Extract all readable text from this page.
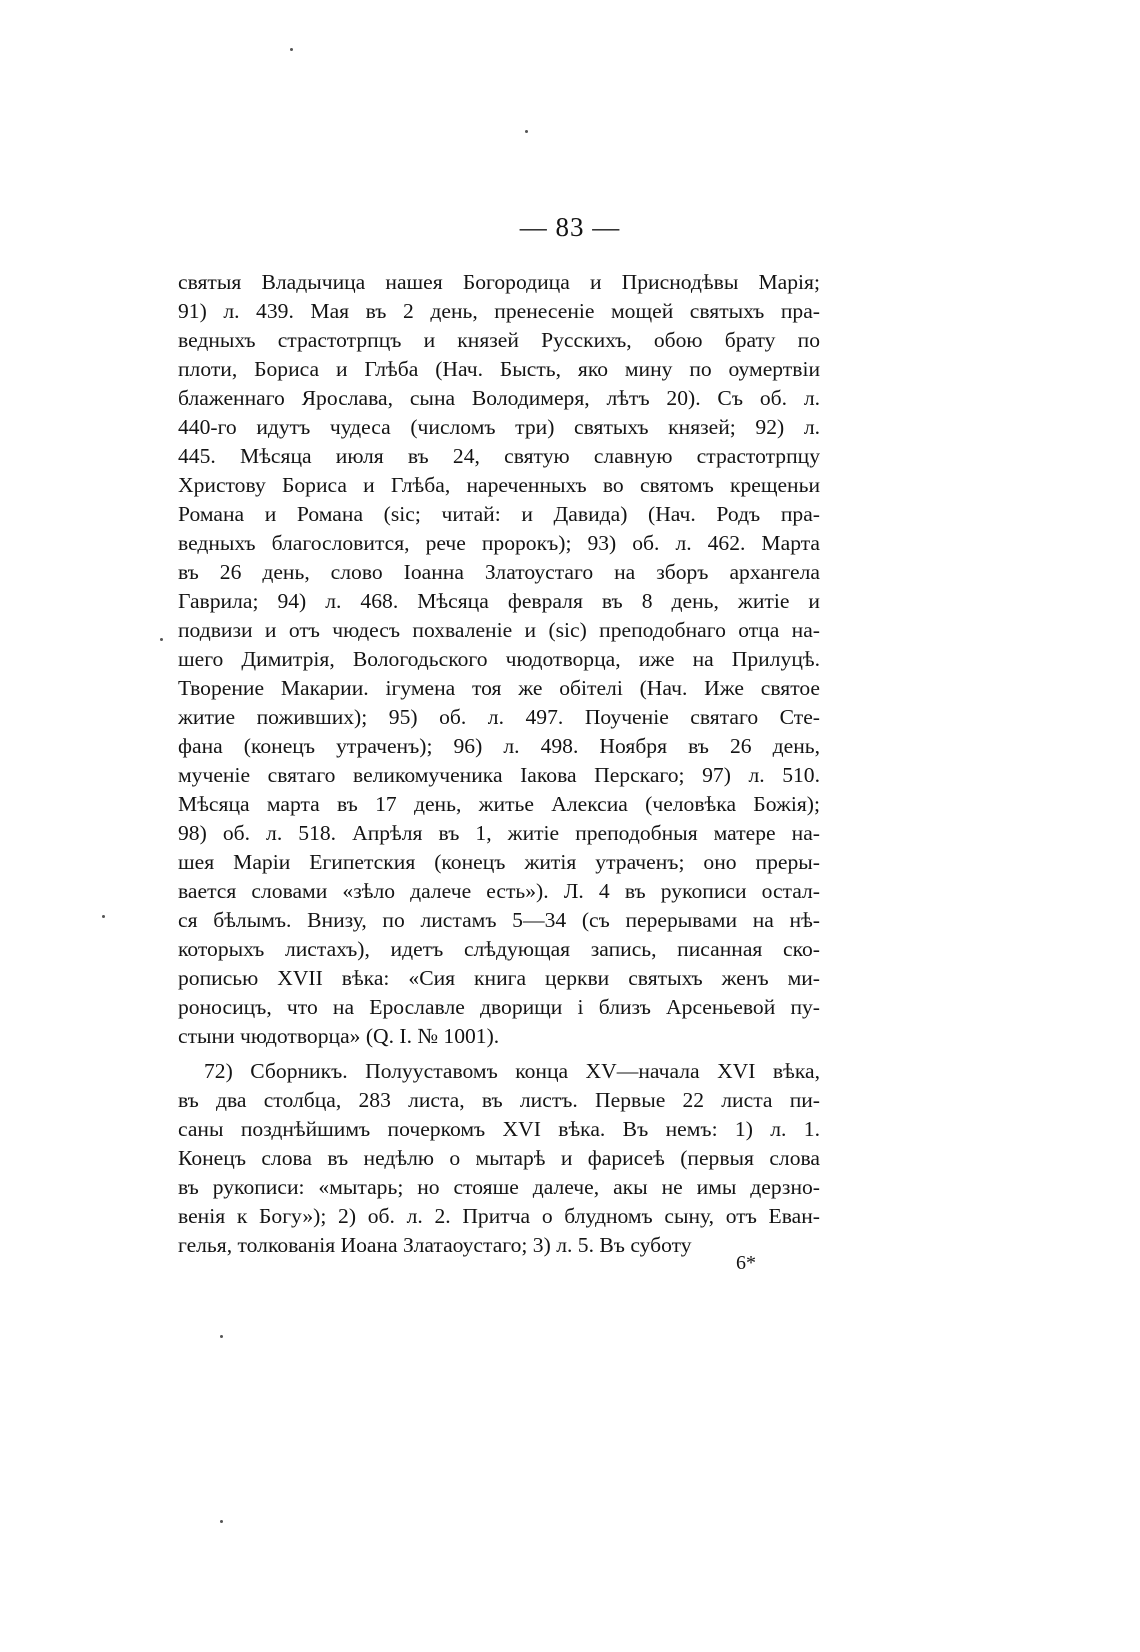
— 83 —
святыя Владычица нашея Богородица и Приснодѣвы Марія;
91) л. 439. Мая въ 2 день, пренесеніе мощей святыхъ пра-
ведныхъ страстотрпцъ и князей Русскихъ, обою брату по
плоти, Бориса и Глѣба (Нач. Бысть, яко мину по оумертвіи
блаженнаго Ярослава, сына Володимеря, лѣтъ 20). Съ об. л.
440-го идутъ чудеса (числомъ три) святыхъ князей; 92) л.
445. Мѣсяца июля въ 24, святую славную страстотрпцу
Христову Бориса и Глѣба, нареченныхъ во святомъ крещеньи
Романа и Романа (sic; читай: и Давида) (Нач. Родъ пра-
ведныхъ благословится, рече пророкъ); 93) об. л. 462. Марта
въ 26 день, слово Іоанна Златоустаго на зборъ архангела
Гаврила; 94) л. 468. Мѣсяца февраля въ 8 день, житіе и
подвизи и отъ чюдесъ похваленіе и (sic) преподобнаго отца на-
шего Димитрія, Вологодьского чюдотворца, иже на Прилуцѣ.
Творение Макарии. ігумена тоя же обітелі (Нач. Иже святое
житие поживших); 95) об. л. 497. Поученіе святаго Сте-
фана (конецъ утраченъ); 96) л. 498. Ноября въ 26 день,
мученіе святаго великомученика Іакова Перскаго; 97) л. 510.
Мѣсяца марта въ 17 день, житье Алексиа (человѣка Божія);
98) об. л. 518. Апрѣля въ 1, житіе преподобныя матере на-
шея Маріи Египетския (конецъ житія утраченъ; оно преры-
вается словами «зѣло далече есть»). Л. 4 въ рукописи остал-
ся бѣлымъ. Внизу, по листамъ 5—34 (съ перерывами на нѣ-
которыхъ листахъ), идетъ слѣдующая запись, писанная ско-
рописью XVII вѣка: «Сия книга церкви святыхъ женъ ми-
роносицъ, что на Ерославле дворищи і близъ Арсеньевой пу-
стыни чюдотворца» (Q. I. № 1001).
72) Сборникъ. Полууставомъ конца XV—начала XVI вѣка,
въ два столбца, 283 листа, въ листъ. Первые 22 листа пи-
саны позднѣйшимъ почеркомъ XVI вѣка. Въ немъ: 1) л. 1.
Конецъ слова въ недѣлю о мытарѣ и фарисеѣ (первыя слова
въ рукописи: «мытарь; но стояше далече, акы не имы дерзно-
венія к Богу»); 2) об. л. 2. Притча о блудномъ сыну, отъ Еван-
гелья, толкованія Иоана Златаоустаго; 3) л. 5. Въ суботу
6*
